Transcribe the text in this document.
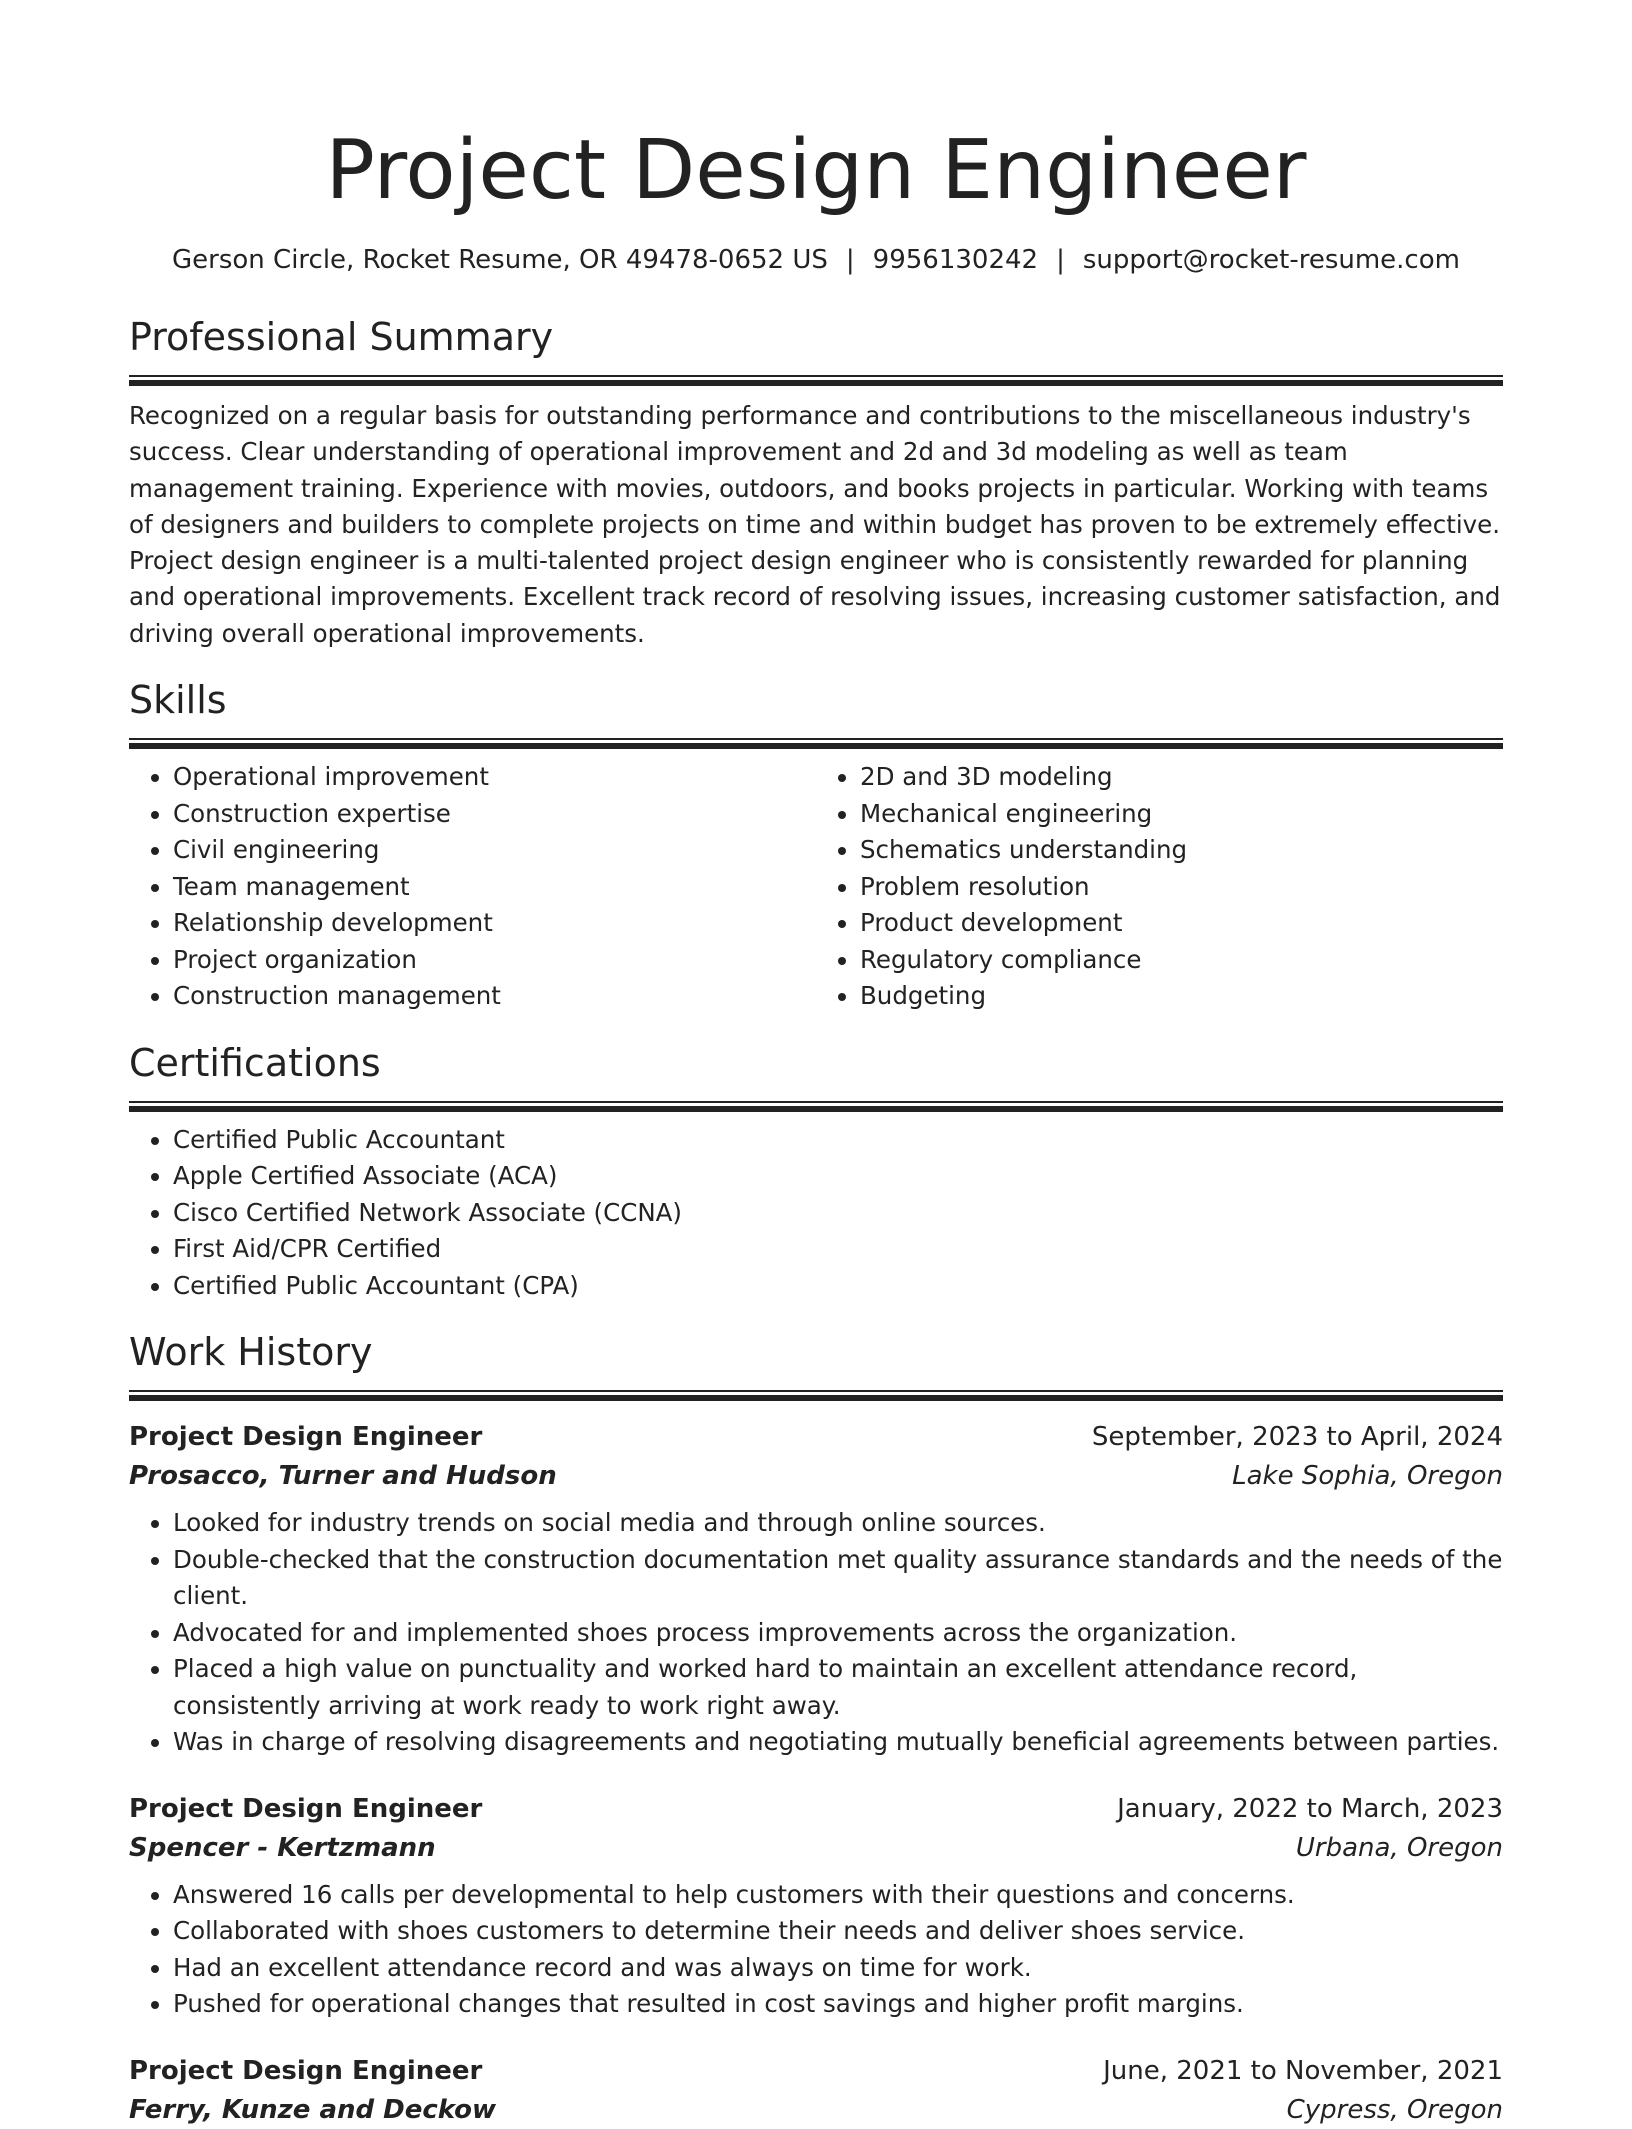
Project Design Engineer
Gerson Circle, Rocket Resume, OR 49478-0652 US | 9956130242 | support@rocket-resume.com
Professional Summary
Recognized on a regular basis for outstanding performance and contributions to the miscellaneous industry's success. Clear understanding of operational improvement and 2d and 3d modeling as well as team management training. Experience with movies, outdoors, and books projects in particular. Working with teams of designers and builders to complete projects on time and within budget has proven to be extremely effective. Project design engineer is a multi-talented project design engineer who is consistently rewarded for planning and operational improvements. Excellent track record of resolving issues, increasing customer satisfaction, and driving overall operational improvements.
Skills
• Operational improvement
• Construction expertise
• Civil engineering
• Team management
• Relationship development
• Project organization
• Construction management
• 2D and 3D modeling
• Mechanical engineering
• Schematics understanding
• Problem resolution
• Product development
• Regulatory compliance
• Budgeting
Certifications
• Certified Public Accountant
• Apple Certified Associate (ACA)
• Cisco Certified Network Associate (CCNA)
• First Aid/CPR Certified
• Certified Public Accountant (CPA)
Work History
Project Design Engineer	September, 2023 to April, 2024
Prosacco, Turner and Hudson	Lake Sophia, Oregon
• Looked for industry trends on social media and through online sources.
• Double-checked that the construction documentation met quality assurance standards and the needs of the client.
• Advocated for and implemented shoes process improvements across the organization.
• Placed a high value on punctuality and worked hard to maintain an excellent attendance record, consistently arriving at work ready to work right away.
• Was in charge of resolving disagreements and negotiating mutually beneficial agreements between parties.
Project Design Engineer	January, 2022 to March, 2023
Spencer - Kertzmann	Urbana, Oregon
• Answered 16 calls per developmental to help customers with their questions and concerns.
• Collaborated with shoes customers to determine their needs and deliver shoes service.
• Had an excellent attendance record and was always on time for work.
• Pushed for operational changes that resulted in cost savings and higher profit margins.
Project Design Engineer	June, 2021 to November, 2021
Ferry, Kunze and Deckow	Cypress, Oregon
